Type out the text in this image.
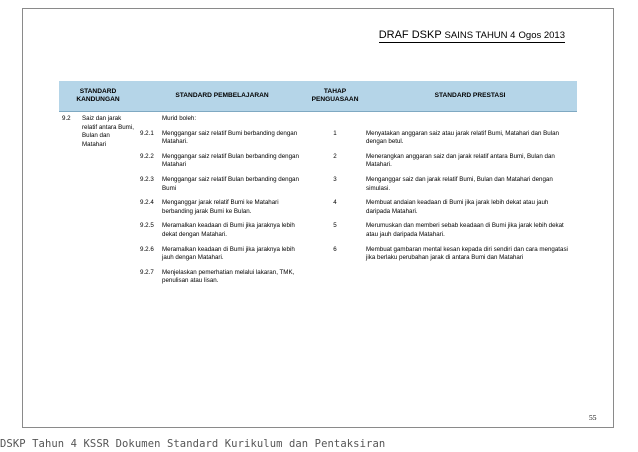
DRAF DSKP SAINS TAHUN 4 Ogos 2013
STANDARD KANDUNGAN		STANDARD PEMBELAJARAN		TAHAP PENGUASAAN	STANDARD PRESTASI
9.2	Saiz dan jarak relatif antara Bumi, Bulan dan Matahari		Murid boleh:		
		9.2.1	Menggangar saiz relatif Bumi berbanding dengan Matahari.	1	Menyatakan anggaran saiz atau jarak relatif Bumi, Matahari dan Bulan dengan betul.
		9.2.2	Menggangar saiz relatif Bulan berbanding dengan Matahari	2	Menerangkan anggaran saiz dan jarak relatif antara Bumi, Bulan dan Matahari.
		9.2.3	Menggangar saiz relatif Bulan berbanding dengan Bumi	3	Menganggar saiz dan jarak relatif Bumi, Bulan dan Matahari dengan simulasi.
		9.2.4	Menganggar jarak relatif Bumi ke Matahari berbanding jarak Bumi ke Bulan.	4	Membuat andaian keadaan di Bumi jika jarak lebih dekat atau jauh daripada Matahari.
		9.2.5	Meramalkan keadaan di Bumi jika jaraknya lebih dekat dengan Matahari.	5	Merumuskan dan memberi sebab keadaan di Bumi jika jarak lebih dekat atau jauh daripada Matahari.
		9.2.6	Meramalkan keadaan di Bumi jika jaraknya lebih jauh dengan Matahari.	6	Membuat gambaran mental kesan kepada diri sendiri dan cara mengatasi jika berlaku perubahan jarak di antara Bumi dan Matahari
		9.2.7	Menjelaskan pemerhatian melalui lakaran, TMK, penulisan atau lisan.		
55
DSKP Tahun 4 KSSR Dokumen Standard Kurikulum dan Pentaksiran
